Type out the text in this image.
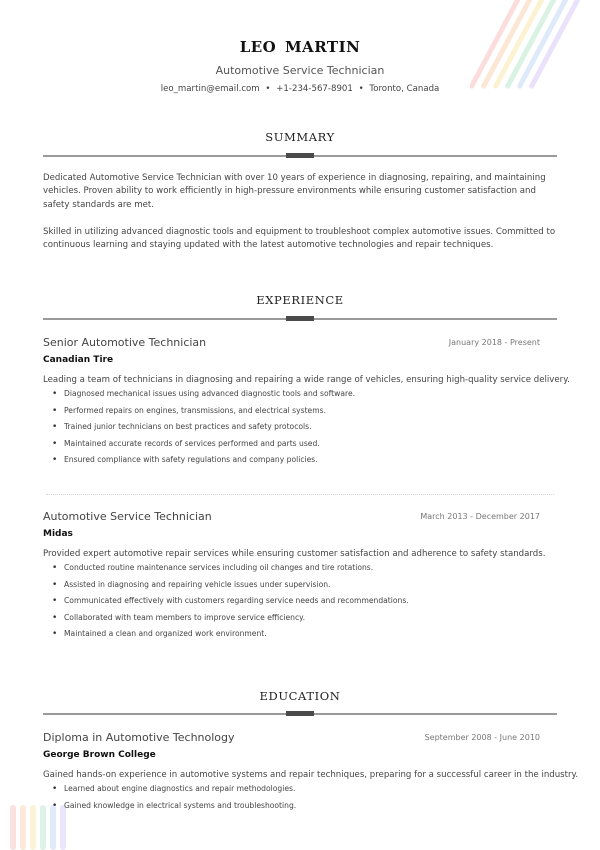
LEO MARTIN
Automotive Service Technician
leo_martin@email.com • +1-234-567-8901 • Toronto, Canada
SUMMARY

Dedicated Automotive Service Technician with over 10 years of experience in diagnosing, repairing, and maintaining vehicles. Proven ability to work efficiently in high-pressure environments while ensuring customer satisfaction and safety standards are met.

Skilled in utilizing advanced diagnostic tools and equipment to troubleshoot complex automotive issues. Committed to continuous learning and staying updated with the latest automotive technologies and repair techniques.

EXPERIENCE
Senior Automotive Technician	January 2018 - Present
Canadian Tire
Leading a team of technicians in diagnosing and repairing a wide range of vehicles, ensuring high-quality service delivery.
• Diagnosed mechanical issues using advanced diagnostic tools and software.
• Performed repairs on engines, transmissions, and electrical systems.
• Trained junior technicians on best practices and safety protocols.
• Maintained accurate records of services performed and parts used.
• Ensured compliance with safety regulations and company policies.
Automotive Service Technician	March 2013 - December 2017
Midas
Provided expert automotive repair services while ensuring customer satisfaction and adherence to safety standards.
• Conducted routine maintenance services including oil changes and tire rotations.
• Assisted in diagnosing and repairing vehicle issues under supervision.
• Communicated effectively with customers regarding service needs and recommendations.
• Collaborated with team members to improve service efficiency.
• Maintained a clean and organized work environment.
EDUCATION
Diploma in Automotive Technology	September 2008 - June 2010
George Brown College
Gained hands-on experience in automotive systems and repair techniques, preparing for a successful career in the industry.
• Learned about engine diagnostics and repair methodologies.
• Gained knowledge in electrical systems and troubleshooting.
